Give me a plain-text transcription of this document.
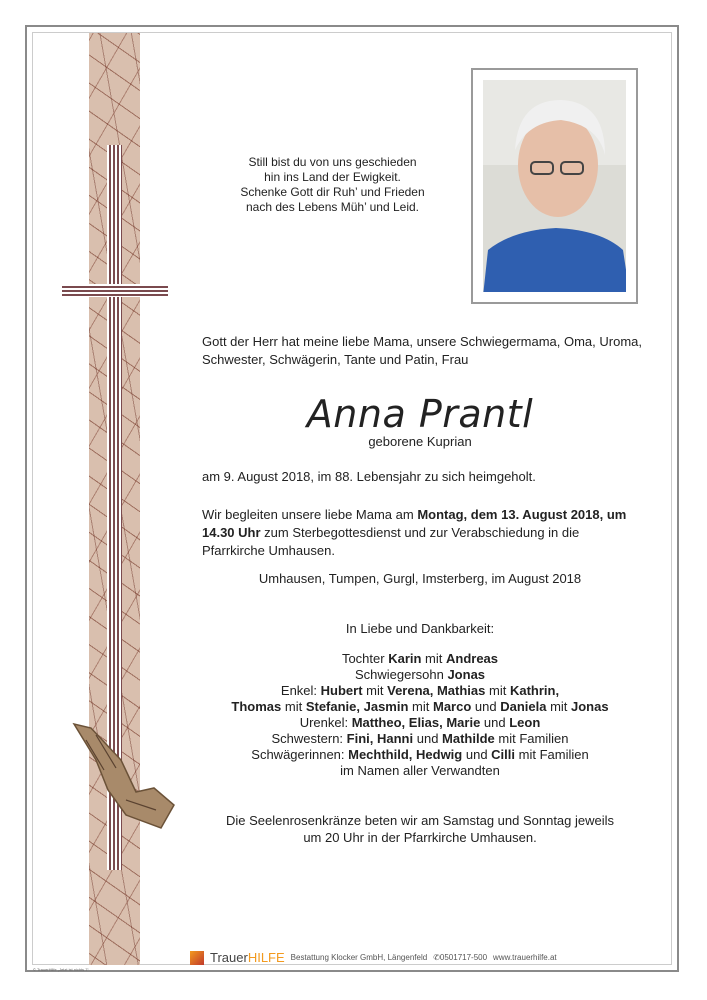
Still bist du von uns geschieden
hin ins Land der Ewigkeit.
Schenke Gott dir Ruh’ und Frieden
nach des Lebens Müh’ und Leid.
Gott der Herr hat meine liebe Mama, unsere Schwiegermama, Oma, Uroma,
Schwester, Schwägerin, Tante und Patin, Frau
Anna Prantl
geborene Kuprian
am 9. August 2018, im 88. Lebensjahr zu sich heimgeholt.
Wir begleiten unsere liebe Mama am Montag, dem 13. August 2018, um 14.30 Uhr zum Sterbegottesdienst und zur Verabschiedung in die Pfarrkirche Umhausen.
Umhausen, Tumpen, Gurgl, Imsterberg, im August 2018
In Liebe und Dankbarkeit:
Tochter Karin mit Andreas
Schwiegersohn Jonas
Enkel: Hubert mit Verena, Mathias mit Kathrin,
Thomas mit Stefanie, Jasmin mit Marco und Daniela mit Jonas
Urenkel: Mattheo, Elias, Marie und Leon
Schwestern: Fini, Hanni und Mathilde mit Familien
Schwägerinnen: Mechthild, Hedwig und Cilli mit Familien
im Namen aller Verwandten
Die Seelenrosenkränze beten wir am Samstag und Sonntag jeweils
um 20 Uhr in der Pfarrkirche Umhausen.
TrauerHILFE Bestattung Klocker GmbH, Längenfeld ✆0501717-500 www.trauerhilfe.at
© TrauerHilfe „Jetzt ist nichts 7“
